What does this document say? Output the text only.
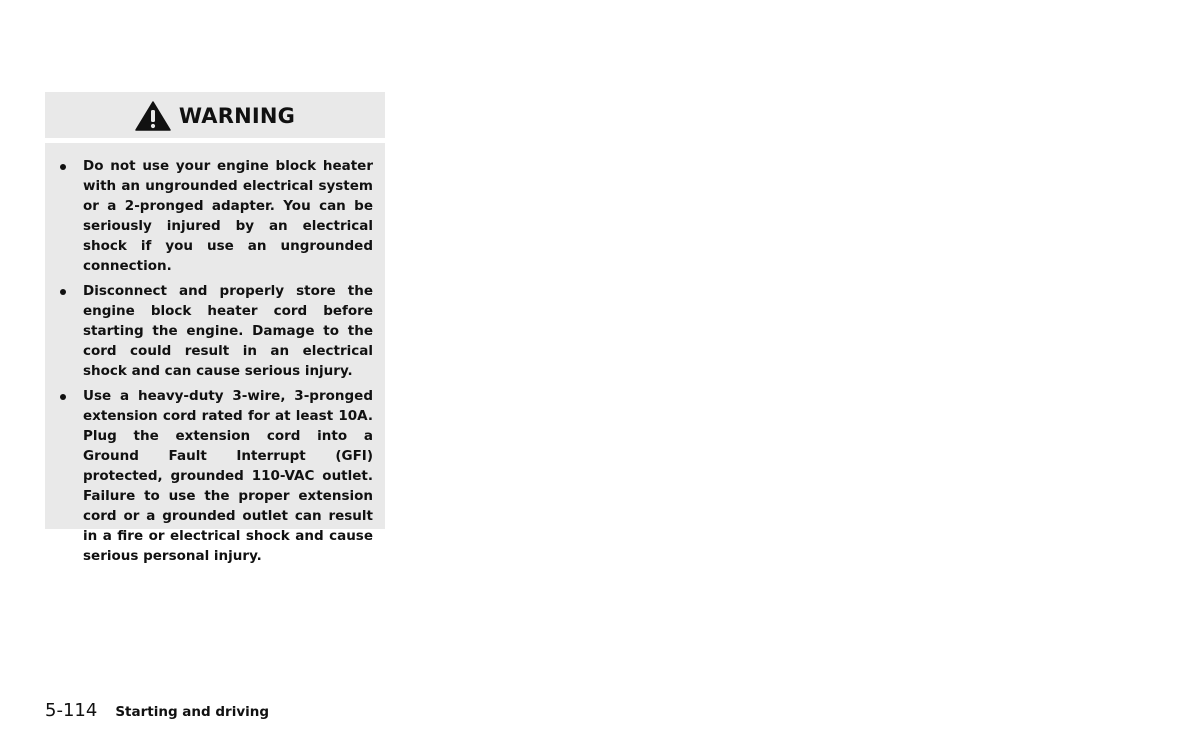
WARNING
Do not use your engine block heater with an ungrounded electrical system or a 2-pronged adapter. You can be seriously injured by an electrical shock if you use an ungrounded connection.
Disconnect and properly store the engine block heater cord before starting the engine. Damage to the cord could result in an electrical shock and can cause serious injury.
Use a heavy-duty 3-wire, 3-pronged extension cord rated for at least 10A. Plug the extension cord into a Ground Fault Interrupt (GFI) protected, grounded 110-VAC outlet. Failure to use the proper extension cord or a grounded outlet can result in a fire or electrical shock and cause serious personal injury.
5-114 Starting and driving
